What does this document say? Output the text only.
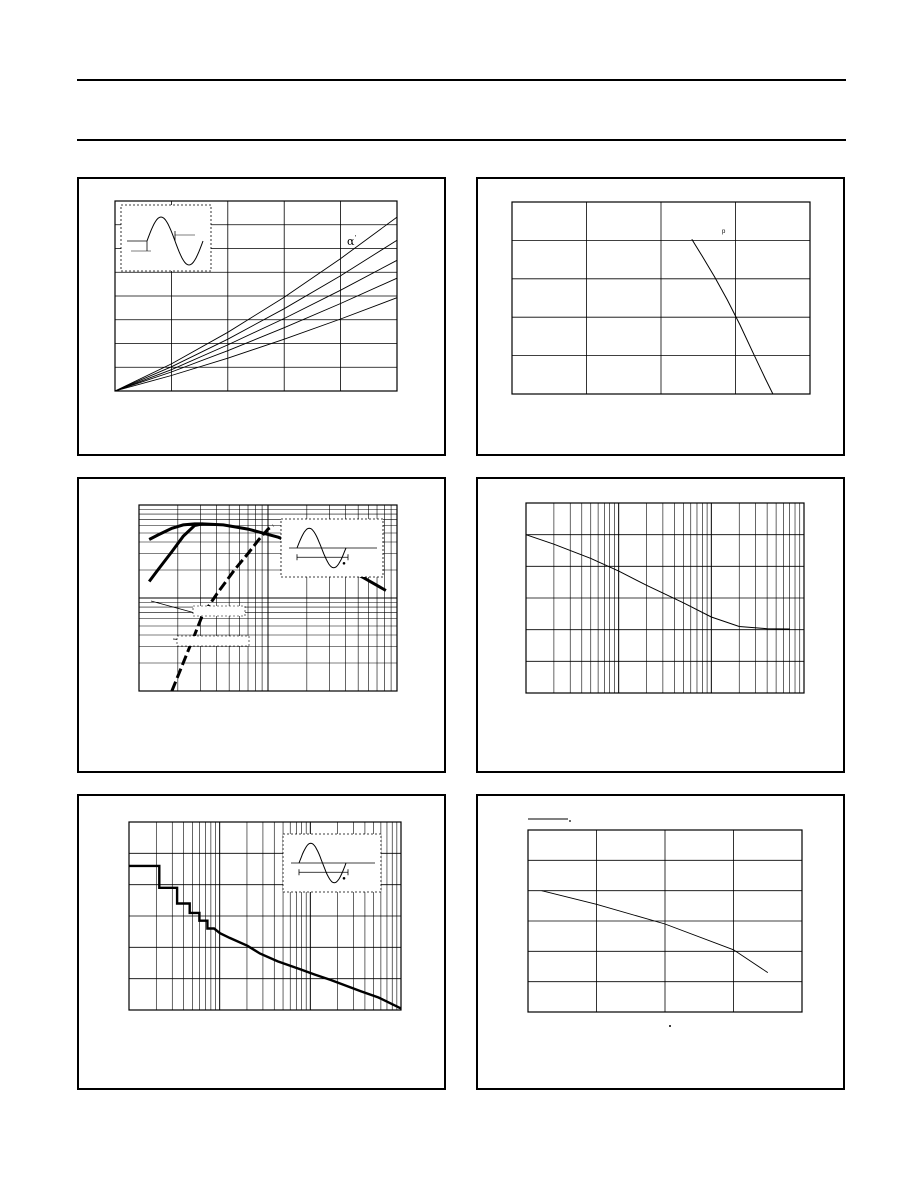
α '
p
